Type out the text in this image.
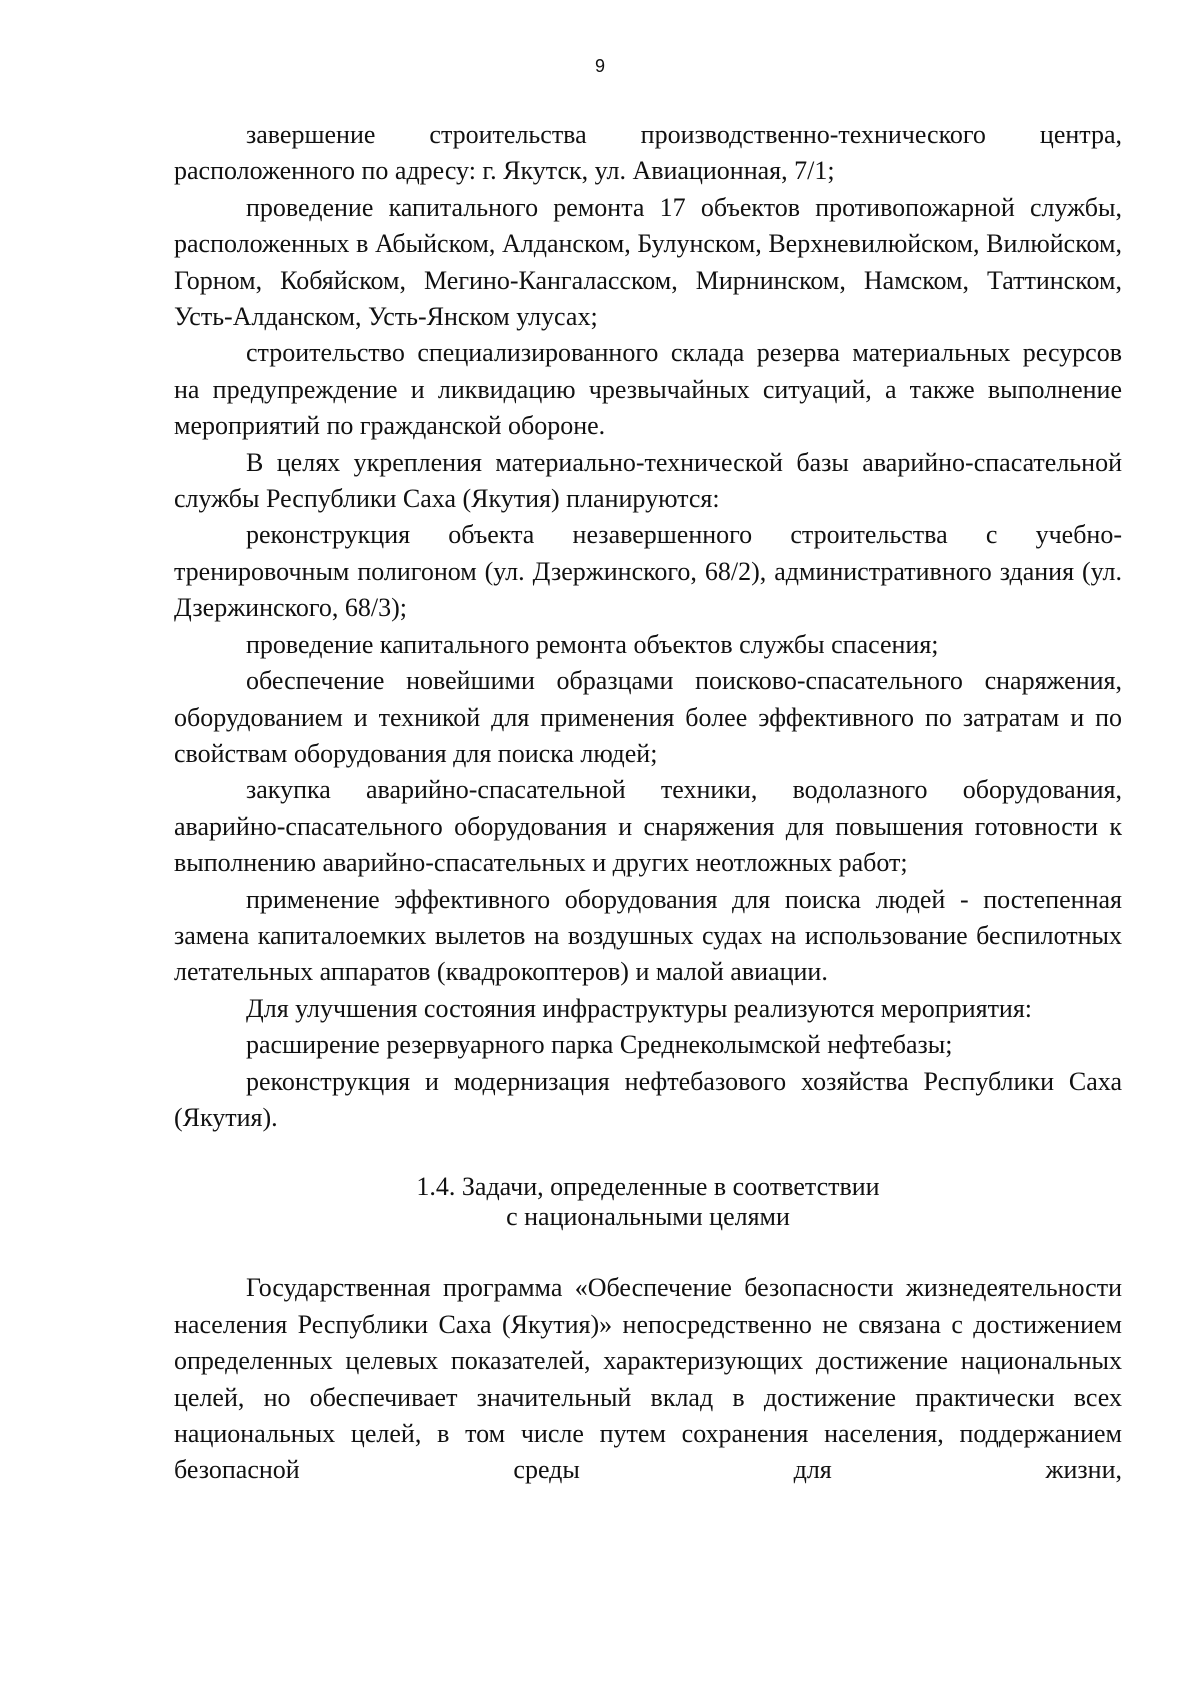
9

завершение строительства производственно-технического центра, расположенного по адресу: г. Якутск, ул. Авиационная, 7/1;

проведение капитального ремонта 17 объектов противопожарной службы, расположенных в Абыйском, Алданском, Булунском, Верхневилюйском, Вилюйском, Горном, Кобяйском, Мегино-Кангаласском, Мирнинском, Намском, Таттинском, Усть-Алданском, Усть-Янском улусах;

строительство специализированного склада резерва материальных ресурсов на предупреждение и ликвидацию чрезвычайных ситуаций, а также выполнение мероприятий по гражданской обороне.

В целях укрепления материально-технической базы аварийно-спасательной службы Республики Саха (Якутия) планируются:

реконструкция объекта незавершенного строительства с учебно-тренировочным полигоном (ул. Дзержинского, 68/2), административного здания (ул. Дзержинского, 68/3);

проведение капитального ремонта объектов службы спасения;

обеспечение новейшими образцами поисково-спасательного снаряжения, оборудованием и техникой для применения более эффективного по затратам и по свойствам оборудования для поиска людей;

закупка аварийно-спасательной техники, водолазного оборудования, аварийно-спасательного оборудования и снаряжения для повышения готовности к выполнению аварийно-спасательных и других неотложных работ;

применение эффективного оборудования для поиска людей - постепенная замена капиталоемких вылетов на воздушных судах на использование беспилотных летательных аппаратов (квадрокоптеров) и малой авиации.

Для улучшения состояния инфраструктуры реализуются мероприятия:

расширение резервуарного парка Среднеколымской нефтебазы;

реконструкция и модернизация нефтебазового хозяйства Республики Саха (Якутия).

1.4. Задачи, определенные в соответствии
с национальными целями

Государственная программа «Обеспечение безопасности жизнедеятельности населения Республики Саха (Якутия)» непосредственно не связана с достижением определенных целевых показателей, характеризующих достижение национальных целей, но обеспечивает значительный вклад в достижение практически всех национальных целей, в том числе путем сохранения населения, поддержанием безопасной среды для жизни,
